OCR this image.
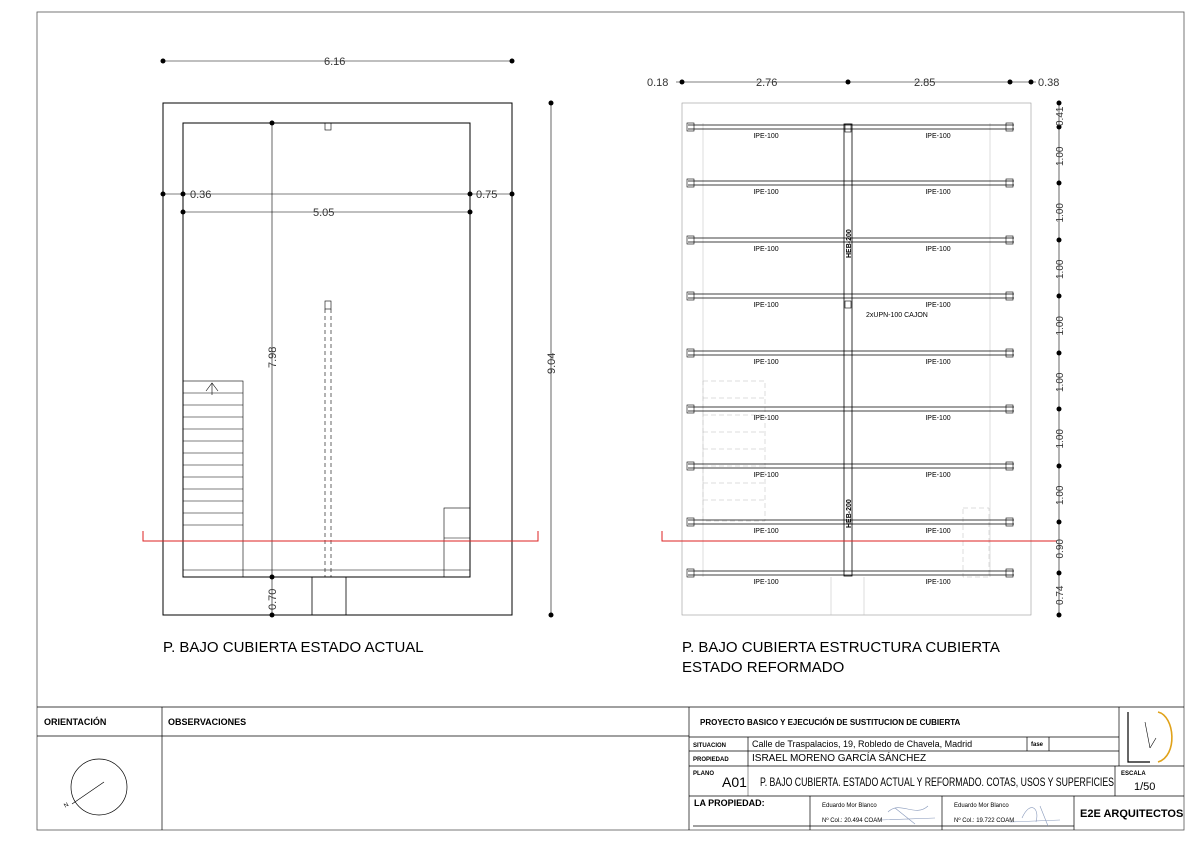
IPE-100	IPE-100
IPE-100	IPE-100
IPE-100	IPE-100
IPE-100	IPE-100
IPE-100	IPE-100
IPE-100	IPE-100
IPE-100	IPE-100
IPE-100	IPE-100
IPE-100	IPE-100
HEB-200
HEB-200
2xUPN-100 CAJON
6.16
0.36	0.75
5.05
7.98	9.04
0.70
0.18	2.76	2.85	0.38
0.41
1.00
1.00
1.00
1.00
1.00
1.00
1.00
0.90
0.74
ORIENTACIÓN
N
OBSERVACIONES	PROYECTO BASICO Y EJECUCIÓN DE SUSTITUCION DE CUBIERTA
SITUACION	Calle de Traspalacios, 19, Robledo de Chavela, Madrid	fase
PROPIEDAD ISRAEL MORENO GARCÍA SÁNCHEZ
PLANO A01 P. BAJO CUBIERTA. ESTADO ACTUAL Y REFORMADO. COTAS, USOS Y SUPERFICIES
ESCALA
1/50
LA PROPIEDAD:	Eduardo Mor Blanco
Nº Col.: 20.494 COAM
Eduardo Mor Blanco
Nº Col.: 19.722 COAM
E2E ARQUITECTOS
P. BAJO CUBIERTA ESTADO ACTUAL	P. BAJO CUBIERTA ESTRUCTURA CUBIERTA
ESTADO REFORMADO
